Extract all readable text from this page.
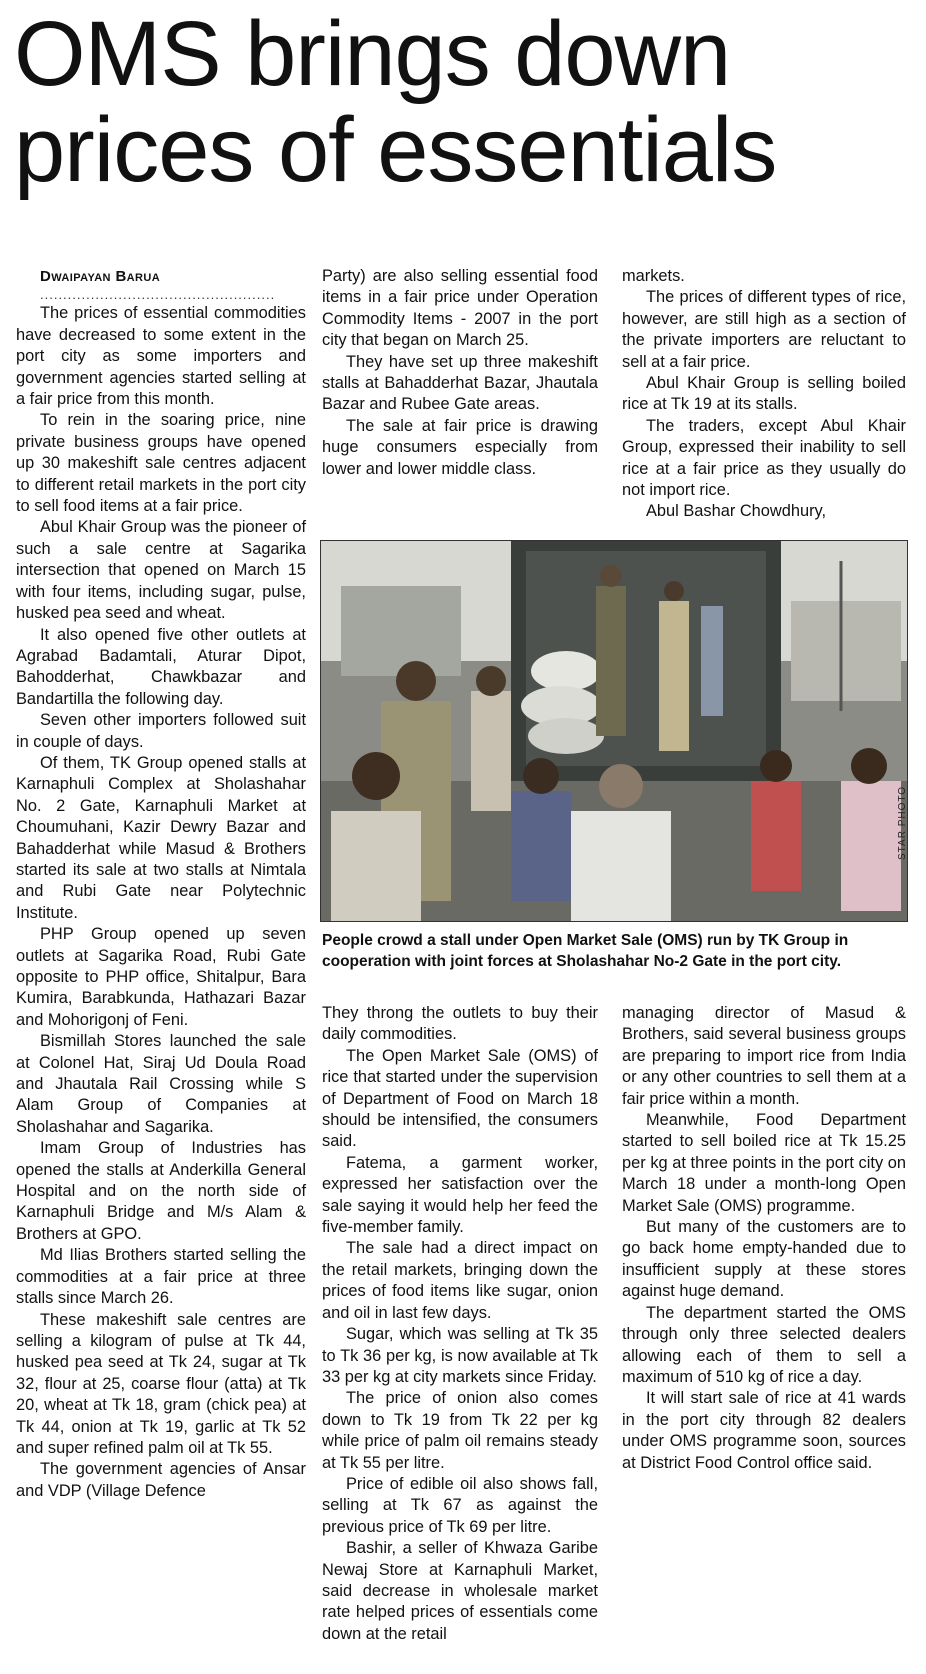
OMS brings down prices of essentials

Dwaipayan Barua

...................................................

The prices of essential commodities have decreased to some extent in the port city as some importers and government agencies started selling at a fair price from this month.

To rein in the soaring price, nine private business groups have opened up 30 makeshift sale centres adjacent to different retail markets in the port city to sell food items at a fair price.

Abul Khair Group was the pioneer of such a sale centre at Sagarika intersection that opened on March 15 with four items, including sugar, pulse, husked pea seed and wheat.

It also opened five other outlets at Agrabad Badamtali, Aturar Dipot, Bahodderhat, Chawkbazar and Bandartilla the following day.

Seven other importers followed suit in couple of days.

Of them, TK Group opened stalls at Karnaphuli Complex at Sholashahar No. 2 Gate, Karnaphuli Market at Choumuhani, Kazir Dewry Bazar and Bahadderhat while Masud & Brothers started its sale at two stalls at Nimtala and Rubi Gate near Polytechnic Institute.

PHP Group opened up seven outlets at Sagarika Road, Rubi Gate opposite to PHP office, Shitalpur, Bara Kumira, Barabkunda, Hathazari Bazar and Mohorigonj of Feni.

Bismillah Stores launched the sale at Colonel Hat, Siraj Ud Doula Road and Jhautala Rail Crossing while S Alam Group of Companies at Sholashahar and Sagarika.

Imam Group of Industries has opened the stalls at Anderkilla General Hospital and on the north side of Karnaphuli Bridge and M/s Alam & Brothers at GPO.

Md Ilias Brothers started selling the commodities at a fair price at three stalls since March 26.

These makeshift sale centres are selling a kilogram of pulse at Tk 44, husked pea seed at Tk 24, sugar at Tk 32, flour at 25, coarse flour (atta) at Tk 20, wheat at Tk 18, gram (chick pea) at Tk 44, onion at Tk 19, garlic at Tk 52 and super refined palm oil at Tk 55.

The government agencies of Ansar and VDP (Village Defence

Party) are also selling essential food items in a fair price under Operation Commodity Items - 2007 in the port city that began on March 25.

They have set up three makeshift stalls at Bahadderhat Bazar, Jhautala Bazar and Rubee Gate areas.

The sale at fair price is drawing huge consumers especially from lower and lower middle class.

markets.

The prices of different types of rice, however, are still high as a section of the private importers are reluctant to sell at a fair price.

Abul Khair Group is selling boiled rice at Tk 19 at its stalls.

The traders, except Abul Khair Group, expressed their inability to sell rice at a fair price as they usually do not import rice.

Abul Bashar Chowdhury,

STAR PHOTO

People crowd a stall under Open Market Sale (OMS) run by TK Group in cooperation with joint forces at Sholashahar No-2 Gate in the port city.

They throng the outlets to buy their daily commodities.

The Open Market Sale (OMS) of rice that started under the supervision of Department of Food on March 18 should be intensified, the consumers said.

Fatema, a garment worker, expressed her satisfaction over the sale saying it would help her feed the five-member family.

The sale had a direct impact on the retail markets, bringing down the prices of food items like sugar, onion and oil in last few days.

Sugar, which was selling at Tk 35 to Tk 36 per kg, is now available at Tk 33 per kg at city markets since Friday.

The price of onion also comes down to Tk 19 from Tk 22 per kg while price of palm oil remains steady at Tk 55 per litre.

Price of edible oil also shows fall, selling at Tk 67 as against the previous price of Tk 69 per litre.

Bashir, a seller of Khwaza Garibe Newaj Store at Karnaphuli Market, said decrease in wholesale market rate helped prices of essentials come down at the retail

managing director of Masud & Brothers, said several business groups are preparing to import rice from India or any other countries to sell them at a fair price within a month.

Meanwhile, Food Department started to sell boiled rice at Tk 15.25 per kg at three points in the port city on March 18 under a month-long Open Market Sale (OMS) programme.

But many of the customers are to go back home empty-handed due to insufficient supply at these stores against huge demand.

The department started the OMS through only three selected dealers allowing each of them to sell a maximum of 510 kg of rice a day.

It will start sale of rice at 41 wards in the port city through 82 dealers under OMS programme soon, sources at District Food Control office said.
